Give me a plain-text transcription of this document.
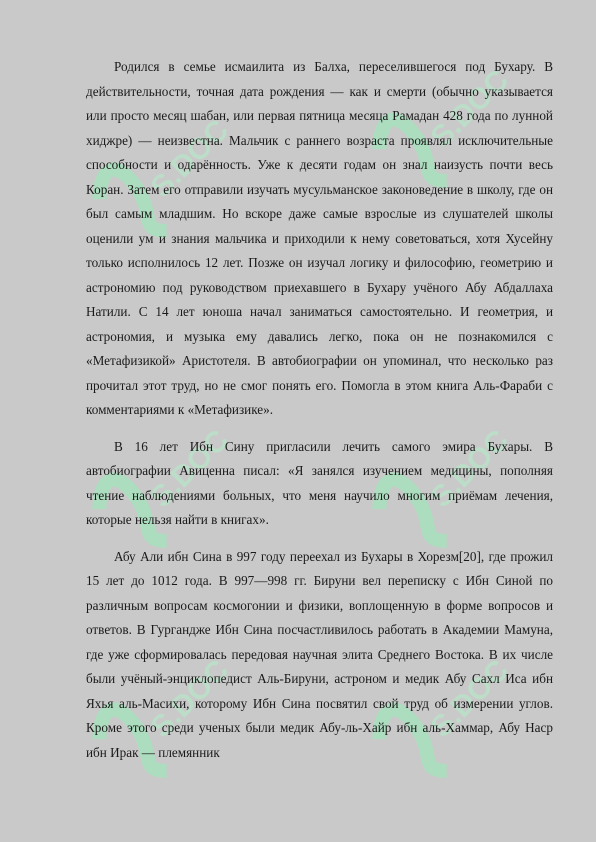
S.DOC
S.DOC
S.DOC	S.DOC
S.DOC	S.DOC

Родился в семье исмаилита из Балха, переселившегося под Бухару. В действительности, точная дата рождения — как и смерти (обычно указывается или просто месяц шабан, или первая пятница месяца Рамадан 428 года по лунной хиджре) — неизвестна. Мальчик с раннего возраста проявлял исключительные способности и одарённость. Уже к десяти годам он знал наизусть почти весь Коран. Затем его отправили изучать мусульманское законоведение в школу, где он был самым младшим. Но вскоре даже самые взрослые из слушателей школы оценили ум и знания мальчика и приходили к нему советоваться, хотя Хусейну только исполнилось 12 лет. Позже он изучал логику и философию, геометрию и астрономию под руководством приехавшего в Бухару учёного Абу Абдаллаха Натили. С 14 лет юноша начал заниматься самостоятельно. И геометрия, и астрономия, и музыка ему давались легко, пока он не познакомился с «Метафизикой» Аристотеля. В автобиографии он упоминал, что несколько раз прочитал этот труд, но не смог понять его. Помогла в этом книга Аль-Фараби с комментариями к «Метафизике».

В 16 лет Ибн Сину пригласили лечить самого эмира Бухары. В автобиографии Авиценна писал: «Я занялся изучением медицины, пополняя чтение наблюдениями больных, что меня научило многим приёмам лечения, которые нельзя найти в книгах».

Абу Али ибн Сина в 997 году переехал из Бухары в Хорезм[20], где прожил 15 лет до 1012 года. В 997—998 гг. Бируни вел переписку с Ибн Синой по различным вопросам космогонии и физики, воплощенную в форме вопросов и ответов. В Гургандже Ибн Сина посчастливилось работать в Академии Мамуна, где уже сформировалась передовая научная элита Среднего Востока. В их числе были учёный-энциклопедист Аль-Бируни, астроном и медик Абу Сахл Иса ибн Яхья аль-Масихи, которому Ибн Сина посвятил свой труд об измерении углов. Кроме этого среди ученых были медик Абу-ль-Хайр ибн аль-Хаммар, Абу Наср ибн Ирак — племянник
